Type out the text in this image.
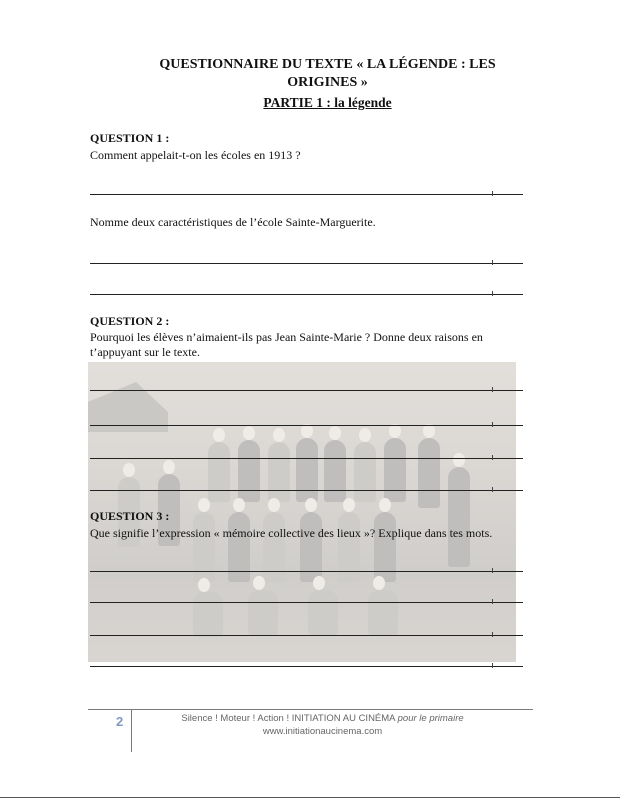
QUESTIONNAIRE DU TEXTE « LA LÉGENDE : LES ORIGINES »
PARTIE 1 : la légende
QUESTION 1 :
Comment appelait-t-on les écoles en 1913 ?
Nomme deux caractéristiques de l’école Sainte-Marguerite.
QUESTION 2 :
Pourquoi les élèves n’aimaient-ils pas Jean Sainte-Marie ? Donne deux raisons en t’appuyant sur le texte.
QUESTION 3 :
Que signifie l’expression « mémoire collective des lieux »? Explique dans tes mots.
2	Silence ! Moteur ! Action ! INITIATION AU CINÉMA pour le primaire
www.initiationaucinema.com
